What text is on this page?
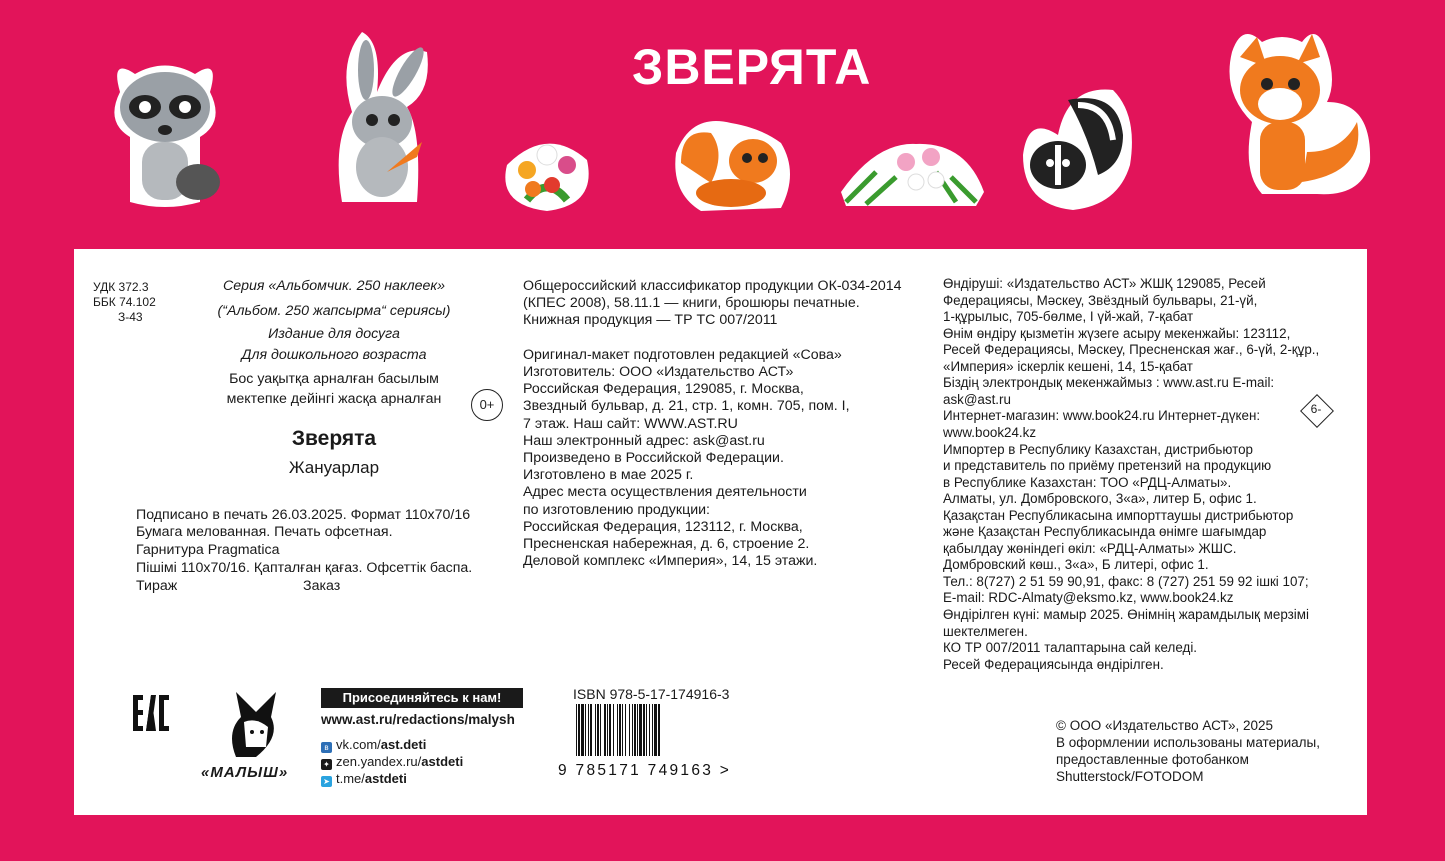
ЗВЕРЯТА
УДК 372.3
ББК 74.102
З-43
Серия «Альбомчик. 250 наклеек»
(“Альбом. 250 жапсырма“ сериясы)
Издание для досуга
Для дошкольного возраста
Бос уақытқа арналған басылым
мектепке дейінгі жасқа арналған	0+
Зверята
Жануарлар
Подписано в печать 26.03.2025. Формат 110х70/16
Бумага мелованная. Печать офсетная.
Гарнитура Pragmatica
Пішімі 110х70/16. Қапталған қағаз. Офсеттік баспа.
Тираж	Заказ
Общероссийский классификатор продукции ОК-034-2014
(КПЕС 2008), 58.11.1 — книги, брошюры печатные.
Книжная продукция — ТР ТС 007/2011
Оригинал-макет подготовлен редакцией «Сова»
Изготовитель: ООО «Издательство АСТ»
Российская Федерация, 129085, г. Москва,
Звездный бульвар, д. 21, стр. 1, комн. 705, пом. I,
7 этаж. Наш сайт: WWW.AST.RU
Наш электронный адрес: ask@ast.ru
Произведено в Российской Федерации.
Изготовлено в мае 2025 г.
Адрес места осуществления деятельности
по изготовлению продукции:
Российская Федерация, 123112, г. Москва,
Пресненская набережная, д. 6, строение 2.
Деловой комплекс «Империя», 14, 15 этажи.
Өндіруші: «Издательство АСТ» ЖШҚ 129085, Ресей
Федерациясы, Мәскеу, Звёздный бульвары, 21-үй,
1-құрылыс, 705-бөлме, І үй-жай, 7-қабат
Өнім өндіру қызметін жүзеге асыру мекенжайы: 123112,
Ресей Федерациясы, Мәскеу, Пресненская жағ., 6-үй, 2-құр.,
«Империя» іскерлік кешені, 14, 15-қабат
Біздің электрондық мекенжаймыз : www.ast.ru E-mail:
ask@ast.ru
Интернет-магазин: www.book24.ru Интернет-дүкен:
www.book24.kz
Импортер в Республику Казахстан, дистрибьютор
и представитель по приёму претензий на продукцию
в Республике Казахстан: ТОО «РДЦ-Алматы».
Алматы, ул. Домбровского, 3«а», литер Б, офис 1.
Қазақстан Республикасына импорттаушы дистрибьютор
және Қазақстан Республикасында өнімге шағымдар
қабылдау жөніндегі өкіл: «РДЦ-Алматы» ЖШС.
Домбровский көш., 3«а», Б литері, офис 1.
Тел.: 8(727) 2 51 59 90,91, факс: 8 (727) 251 59 92 ішкі 107;
E-mail: RDC-Almaty@eksmo.kz, www.book24.kz
Өндірілген күні: мамыр 2025. Өнімнің жарамдылық мерзімі
шектелмеген.
КО ТР 007/2011 талаптарына сай келеді.
Ресей Федерациясында өндірілген.
6-
«МАЛЫШ»
Присоединяйтесь к нам!
www.ast.ru/redactions/malysh
в vk.com/ast.deti
✦ zen.yandex.ru/astdeti
➤ t.me/astdeti
ISBN 978-5-17-174916-3
9 785171 749163 >
© ООО «Издательство АСТ», 2025
В оформлении использованы материалы,
предоставленные фотобанком
Shutterstock/FOTODOM
